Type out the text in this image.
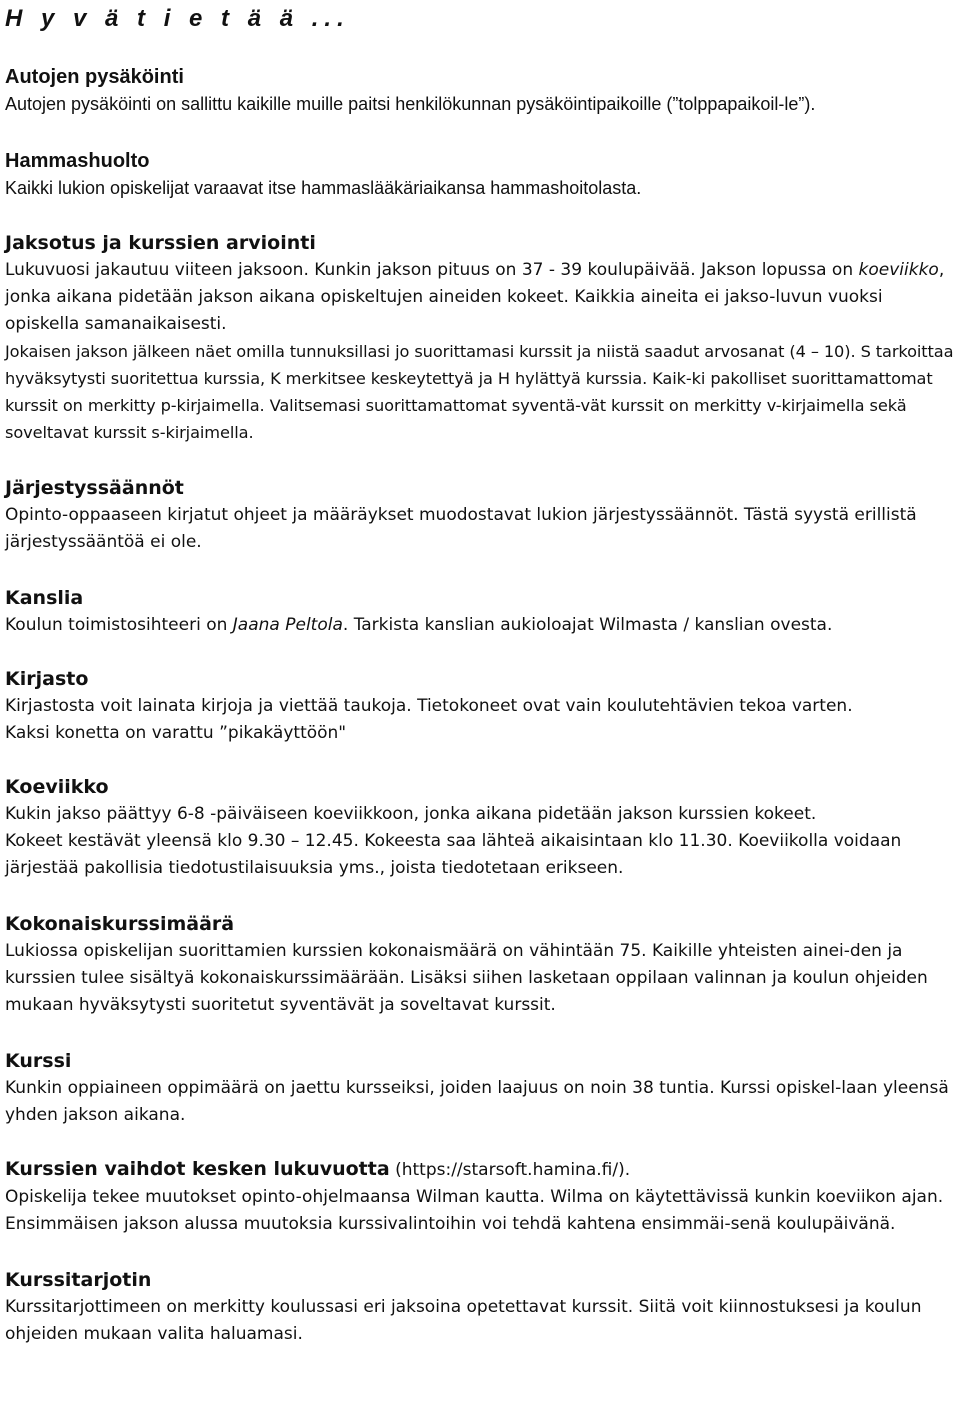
H y v ä t i e t ä ä ...
Autojen pysäköinti

Autojen pysäköinti on sallittu kaikille muille paitsi henkilökunnan pysäköintipaikoille (”tolppapaikoil-le”).

Hammashuolto

Kaikki lukion opiskelijat varaavat itse hammaslääkäriaikansa hammashoitolasta.

Jaksotus ja kurssien arviointi

Lukuvuosi jakautuu viiteen jaksoon. Kunkin jakson pituus on 37 - 39 koulupäivää. Jakson lopussa on koeviikko, jonka aikana pidetään jakson aikana opiskeltujen aineiden kokeet. Kaikkia aineita ei jakso-luvun vuoksi opiskella samanaikaisesti.

Jokaisen jakson jälkeen näet omilla tunnuksillasi jo suorittamasi kurssit ja niistä saadut arvosanat (4 – 10). S tarkoittaa hyväksytysti suoritettua kurssia, K merkitsee keskeytettyä ja H hylättyä kurssia. Kaik-ki pakolliset suorittamattomat kurssit on merkitty p-kirjaimella. Valitsemasi suorittamattomat syventä-vät kurssit on merkitty v-kirjaimella sekä soveltavat kurssit s-kirjaimella.

Järjestyssäännöt

Opinto-oppaaseen kirjatut ohjeet ja määräykset muodostavat lukion järjestyssäännöt. Tästä syystä erillistä järjestyssääntöä ei ole.

Kanslia

Koulun toimistosihteeri on Jaana Peltola. Tarkista kanslian aukioloajat Wilmasta / kanslian ovesta.

Kirjasto

Kirjastosta voit lainata kirjoja ja viettää taukoja. Tietokoneet ovat vain koulutehtävien tekoa varten.

Kaksi konetta on varattu ”pikakäyttöön"

Koeviikko

Kukin jakso päättyy 6-8 -päiväiseen koeviikkoon, jonka aikana pidetään jakson kurssien kokeet.

Kokeet kestävät yleensä klo 9.30 – 12.45. Kokeesta saa lähteä aikaisintaan klo 11.30. Koeviikolla voidaan järjestää pakollisia tiedotustilaisuuksia yms., joista tiedotetaan erikseen.

Kokonaiskurssimäärä

Lukiossa opiskelijan suorittamien kurssien kokonaismäärä on vähintään 75. Kaikille yhteisten ainei-den ja kurssien tulee sisältyä kokonaiskurssimäärään. Lisäksi siihen lasketaan oppilaan valinnan ja koulun ohjeiden mukaan hyväksytysti suoritetut syventävät ja soveltavat kurssit.

Kurssi

Kunkin oppiaineen oppimäärä on jaettu kursseiksi, joiden laajuus on noin 38 tuntia. Kurssi opiskel-laan yleensä yhden jakson aikana.

Kurssien vaihdot kesken lukuvuotta (https://starsoft.hamina.fi/).

Opiskelija tekee muutokset opinto-ohjelmaansa Wilman kautta. Wilma on käytettävissä kunkin koeviikon ajan. Ensimmäisen jakson alussa muutoksia kurssivalintoihin voi tehdä kahtena ensimmäi-senä koulupäivänä.

Kurssitarjotin

Kurssitarjottimeen on merkitty koulussasi eri jaksoina opetettavat kurssit. Siitä voit kiinnostuksesi ja koulun ohjeiden mukaan valita haluamasi.
